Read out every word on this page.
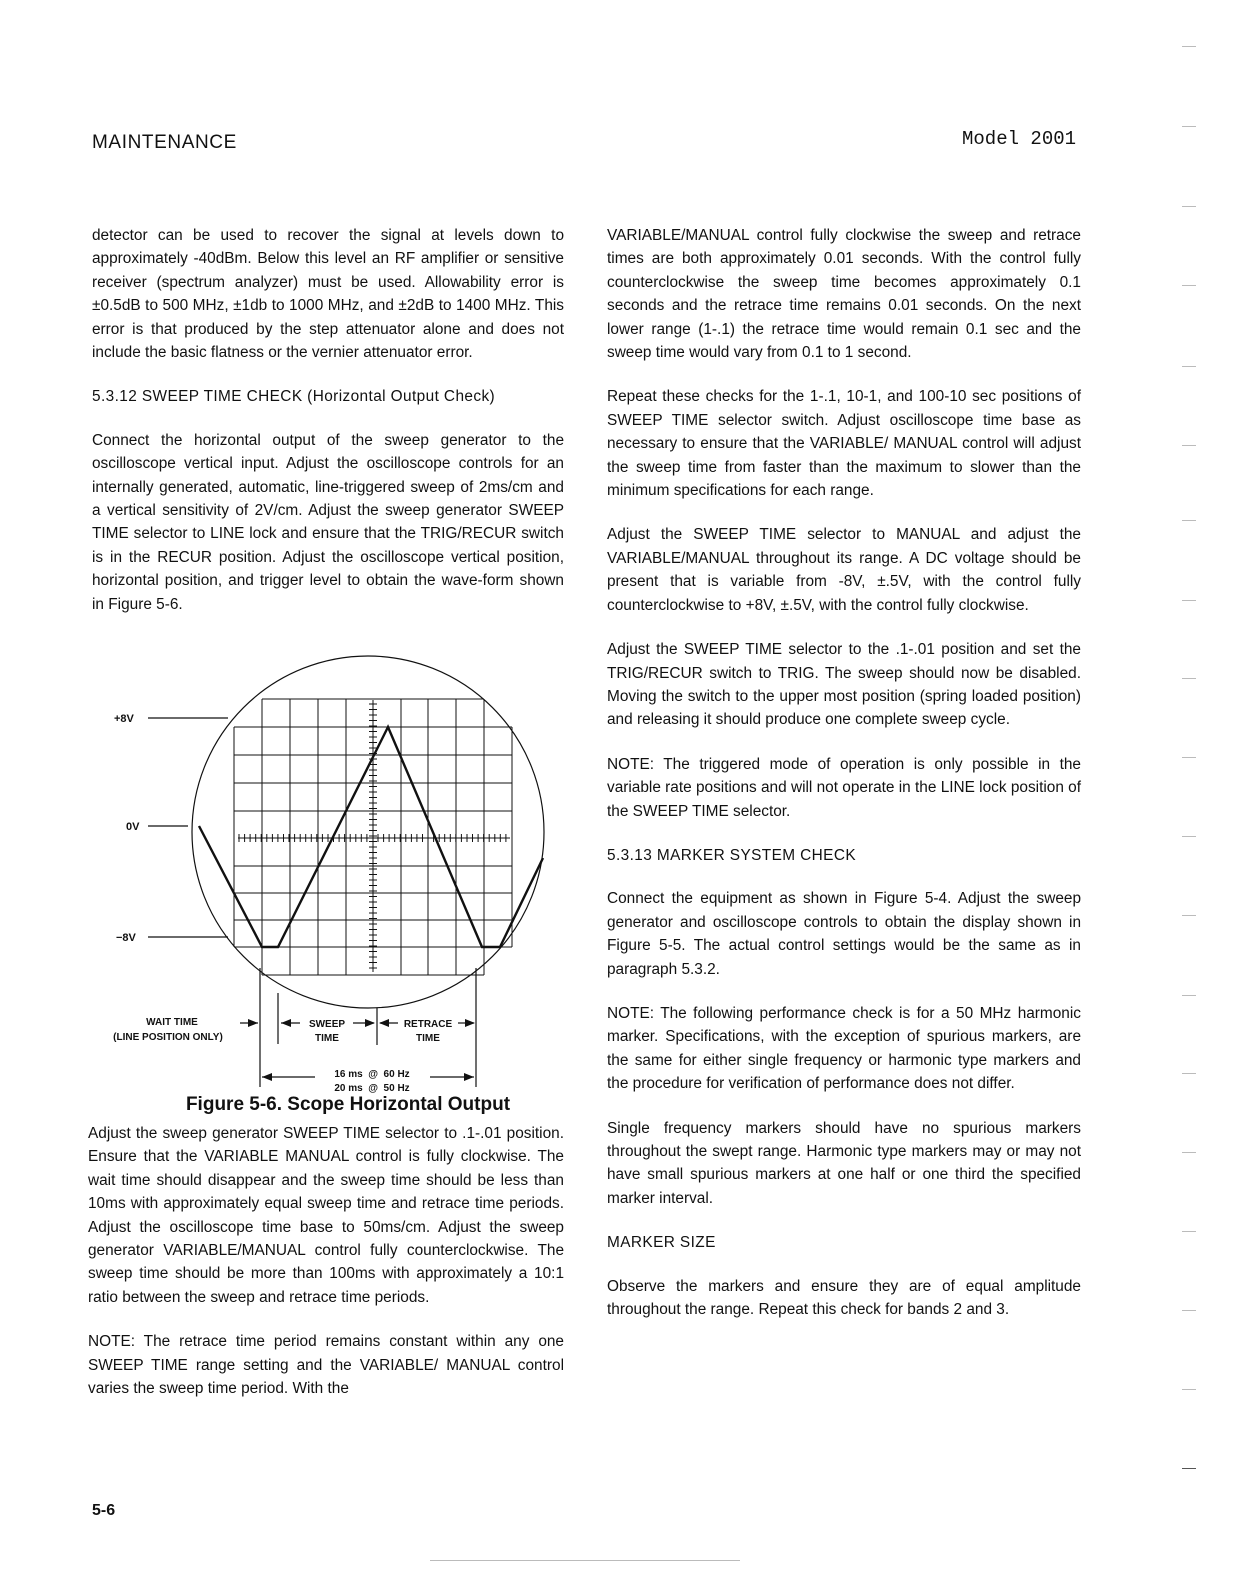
MAINTENANCE	Model 2001

detector can be used to recover the signal at levels down to approximately -40dBm. Below this level an RF amplifier or sensitive receiver (spectrum analyzer) must be used. Allowability error is ±0.5dB to 500 MHz, ±1db to 1000 MHz, and ±2dB to 1400 MHz. This error is that produced by the step attenuator alone and does not include the basic flatness or the vernier attenuator error.

5.3.12 SWEEP TIME CHECK (Horizontal Output Check)

Connect the horizontal output of the sweep generator to the oscilloscope vertical input. Adjust the oscilloscope controls for an internally generated, automatic, line-triggered sweep of 2ms/cm and a vertical sensitivity of 2V/cm. Adjust the sweep generator SWEEP TIME selector to LINE lock and ensure that the TRIG/RECUR switch is in the RECUR position. Adjust the oscilloscope vertical position, horizontal position, and trigger level to obtain the wave-form shown in Figure 5-6.

+8V
0V
−8V
WAIT TIME
(LINE POSITION ONLY)
SWEEP
TIME
RETRACE
TIME
16 ms  @  60 Hz
20 ms  @  50 Hz
Figure 5-6. Scope Horizontal Output

Adjust the sweep generator SWEEP TIME selector to .1-.01 position. Ensure that the VARIABLE MANUAL control is fully clockwise. The wait time should disappear and the sweep time should be less than 10ms with approximately equal sweep time and retrace time periods. Adjust the oscilloscope time base to 50ms/cm. Adjust the sweep generator VARIABLE/MANUAL control fully counterclockwise. The sweep time should be more than 100ms with approximately a 10:1 ratio between the sweep and retrace time periods.

NOTE: The retrace time period remains constant within any one SWEEP TIME range setting and the VARIABLE/ MANUAL control varies the sweep time period. With the

VARIABLE/MANUAL control fully clockwise the sweep and retrace times are both approximately 0.01 seconds. With the control fully counterclockwise the sweep time becomes approximately 0.1 seconds and the retrace time remains 0.01 seconds. On the next lower range (1-.1) the retrace time would remain 0.1 sec and the sweep time would vary from 0.1 to 1 second.

Repeat these checks for the 1-.1, 10-1, and 100-10 sec positions of SWEEP TIME selector switch. Adjust oscilloscope time base as necessary to ensure that the VARIABLE/ MANUAL control will adjust the sweep time from faster than the maximum to slower than the minimum specifications for each range.

Adjust the SWEEP TIME selector to MANUAL and adjust the VARIABLE/MANUAL throughout its range. A DC voltage should be present that is variable from -8V, ±.5V, with the control fully counterclockwise to +8V, ±.5V, with the control fully clockwise.

Adjust the SWEEP TIME selector to the .1-.01 position and set the TRIG/RECUR switch to TRIG. The sweep should now be disabled. Moving the switch to the upper most position (spring loaded position) and releasing it should produce one complete sweep cycle.

NOTE: The triggered mode of operation is only possible in the variable rate positions and will not operate in the LINE lock position of the SWEEP TIME selector.

5.3.13 MARKER SYSTEM CHECK

Connect the equipment as shown in Figure 5-4. Adjust the sweep generator and oscilloscope controls to obtain the display shown in Figure 5-5. The actual control settings would be the same as in paragraph 5.3.2.

NOTE: The following performance check is for a 50 MHz harmonic marker. Specifications, with the exception of spurious markers, are the same for either single frequency or harmonic type markers and the procedure for verification of performance does not differ.

Single frequency markers should have no spurious markers throughout the swept range. Harmonic type markers may or may not have small spurious markers at one half or one third the specified marker interval.

MARKER SIZE

Observe the markers and ensure they are of equal amplitude throughout the range. Repeat this check for bands 2 and 3.

5-6
